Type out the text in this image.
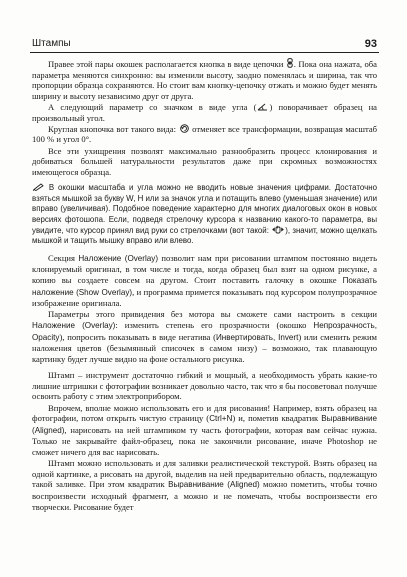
Штампы	93

Правее этой пары окошек располагается кнопка в виде цепочки . Пока она нажата, оба параметра меняются синхронно: вы изменили высоту, заодно поменялась и ширина, так что пропорции образца сохраняются. Но стоит вам кнопку-цепочку отжать и можно будет менять ширину и высоту независимо друг от друга.

А следующий параметр со значком в виде угла ( ) поворачивает образец на произвольный угол.

Круглая кнопочка вот такого вида:  отменяет все трансформации, возвращая масштаб 100 % и угол 0°.

Все эти ухищрения позволят максимально разнообразить процесс клонирования и добиваться большей натуральности результатов даже при скромных возможностях имеющегося образца.

В окошки масштаба и угла можно не вводить новые значения цифрами. Достаточно взяться мышкой за букву W, H или за значок угла и потащить влево (уменьшая значение) или вправо (увеличивая). Подобное поведение характерно для многих диалоговых окон в новых версиях фотошопа. Если, подведя стрелочку курсора к названию какого-то параметра, вы увидите, что курсор принял вид руки со стрелочками (вот такой: ), значит, можно щелкать мышкой и тащить мышку вправо или влево.

Секция Наложение (Overlay) позволит нам при рисовании штампом постоянно видеть клонируемый оригинал, в том числе и тогда, когда образец был взят на одном рисунке, а копию вы создаете совсем на другом. Стоит поставить галочку в окошке Показать наложение (Show Overlay), и программа примется показывать под курсором полупрозрачное изображение оригинала.

Параметры этого привидения без мотора вы сможете сами настроить в секции Наложение (Overlay): изменить степень его прозрачности (окошко Непрозрачность, Opacity), попросить показывать в виде негатива (Инвертировать, Invert) или сменить режим наложения цветов (безымянный списочек в самом низу) – возможно, так плавающую картинку будет лучше видно на фоне остального рисунка.

Штамп – инструмент достаточно гибкий и мощный, а необходимость убрать какие-то лишние штришки с фотографии возникает довольно часто, так что я бы посоветовал получше освоить работу с этим электроприбором.

Впрочем, вполне можно использовать его и для рисования! Например, взять образец на фотографии, потом открыть чистую страницу (Ctrl+N) и, пометив квадратик Выравнивание (Aligned), нарисовать на ней штампиком ту часть фотографии, которая вам сейчас нужна. Только не закрывайте файл-образец, пока не закончили рисование, иначе Photoshop не сможет ничего для вас нарисовать.

Штамп можно использовать и для заливки реалистической текстурой. Взять образец на одной картинке, а рисовать на другой, выделив на ней предварительно область, подлежащую такой заливке. При этом квадратик Выравнивание (Aligned) можно пометить, чтобы точно воспроизвести исходный фрагмент, а можно и не помечать, чтобы воспроизвести его творчески. Рисование будет
